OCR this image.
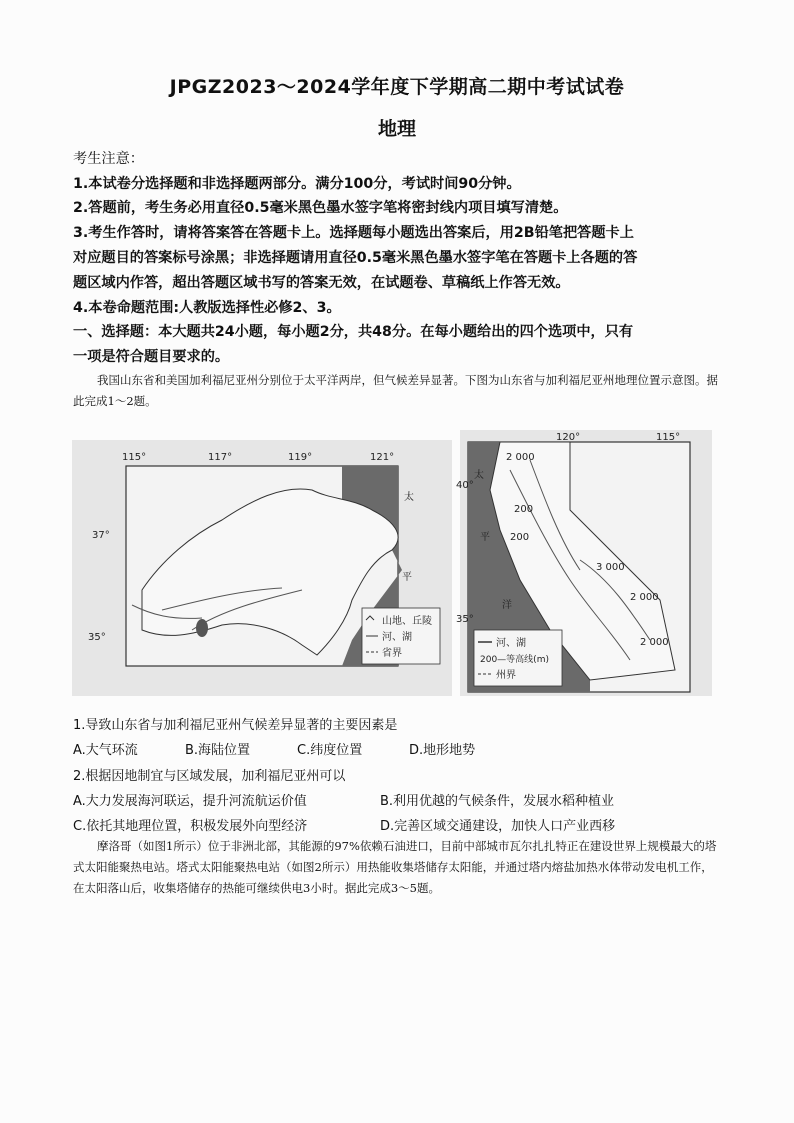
JPGZ2023～2024学年度下学期高二期中考试试卷
地理
考生注意：
1.本试卷分选择题和非选择题两部分。满分100分，考试时间90分钟。
2.答题前，考生务必用直径0.5毫米黑色墨水签字笔将密封线内项目填写清楚。
3.考生作答时，请将答案答在答题卡上。选择题每小题选出答案后，用2B铅笔把答题卡上
对应题目的答案标号涂黑；非选择题请用直径0.5毫米黑色墨水签字笔在答题卡上各题的答
题区域内作答，超出答题区域书写的答案无效，在试题卷、草稿纸上作答无效。
4.本卷命题范围:人教版选择性必修2、3。
一、选择题：本大题共24小题，每小题2分，共48分。在每小题给出的四个选项中，只有
一项是符合题目要求的。
我国山东省和美国加利福尼亚州分别位于太平洋两岸，但气候差异显著。下图为山东省与加利福尼亚州地理位置示意图。据此完成1～2题。
115°	117°	119°	121°
37°
35°
太
平
山地、丘陵
河、湖
省界
120°	115°
40°
35°
太
平
洋
2 000
200
200
3 000
2 000
2 000
河、湖
200—等高线(m)
州界
1.导致山东省与加利福尼亚州气候差异显著的主要因素是
A.大气环流	B.海陆位置	C.纬度位置	D.地形地势
2.根据因地制宜与区域发展，加利福尼亚州可以
A.大力发展海河联运，提升河流航运价值	B.利用优越的气候条件，发展水稻种植业
C.依托其地理位置，积极发展外向型经济	D.完善区域交通建设，加快人口产业西移
摩洛哥（如图1所示）位于非洲北部，其能源的97%依赖石油进口，目前中部城市瓦尔扎扎特正在建设世界上规模最大的塔式太阳能聚热电站。塔式太阳能聚热电站（如图2所示）用热能收集塔储存太阳能，并通过塔内熔盐加热水体带动发电机工作，在太阳落山后，收集塔储存的热能可继续供电3小时。据此完成3～5题。
